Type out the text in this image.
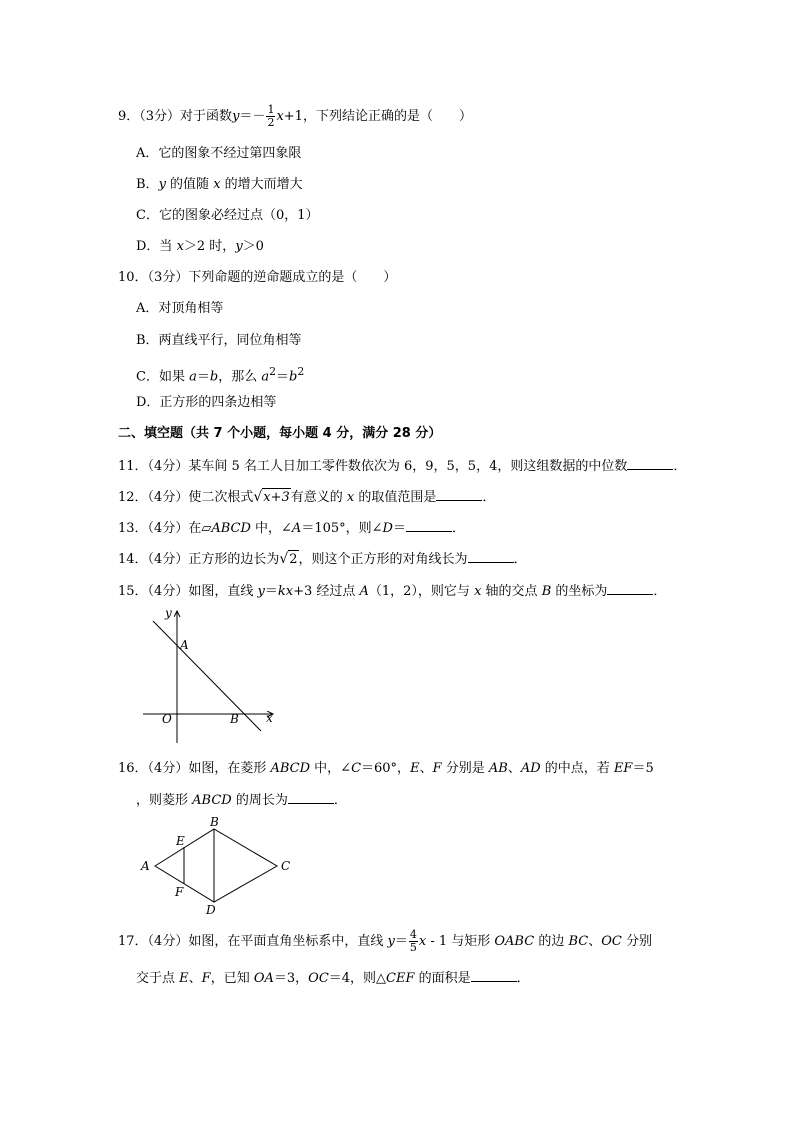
9．（3分）对于函数$y=- \frac{1}{2} x+1$，下列结论正确的是（　　）
A．它的图象不经过第四象限
B．y 的值随 x 的增大而增大
C．它的图象必经过点（0，1）
D．当 x＞2 时，y＞0
10．（3分）下列命题的逆命题成立的是（　　）
A．对顶角相等
B．两直线平行，同位角相等
C．如果 a＝b，那么 $a^2=b^2$
D．正方形的四条边相等
二、填空题（共 7 个小题，每小题 4 分，满分 28 分）
11．（4分）某车间 5 名工人日加工零件数依次为 6，9，5，5，4，则这组数据的中位数	．
12．（4分）使二次根式√x+3有意义的 x 的取值范围是	．
13．（4分）在▱ABCD 中，∠A＝105°，则∠D＝	．
14．（4分）正方形的边长为√2，则这个正方形的对角线长为	．
15．（4分）如图，直线 y＝kx+3 经过点 A（1，2），则它与 x 轴的交点 B 的坐标为	．
y
x
O
A
B
16．（4分）如图，在菱形 ABCD 中，∠C＝60°，E、F 分别是 AB、AD 的中点，若 EF＝5
，则菱形 ABCD 的周长为	．
A
B
C
D
E
F
17．（4分）如图，在平面直角坐标系中，直线 $y= \frac{4}{5}$ x - 1 与矩形 OABC 的边 BC、OC 分别
交于点 E、F，已知 OA＝3，OC＝4，则△CEF 的面积是	．
